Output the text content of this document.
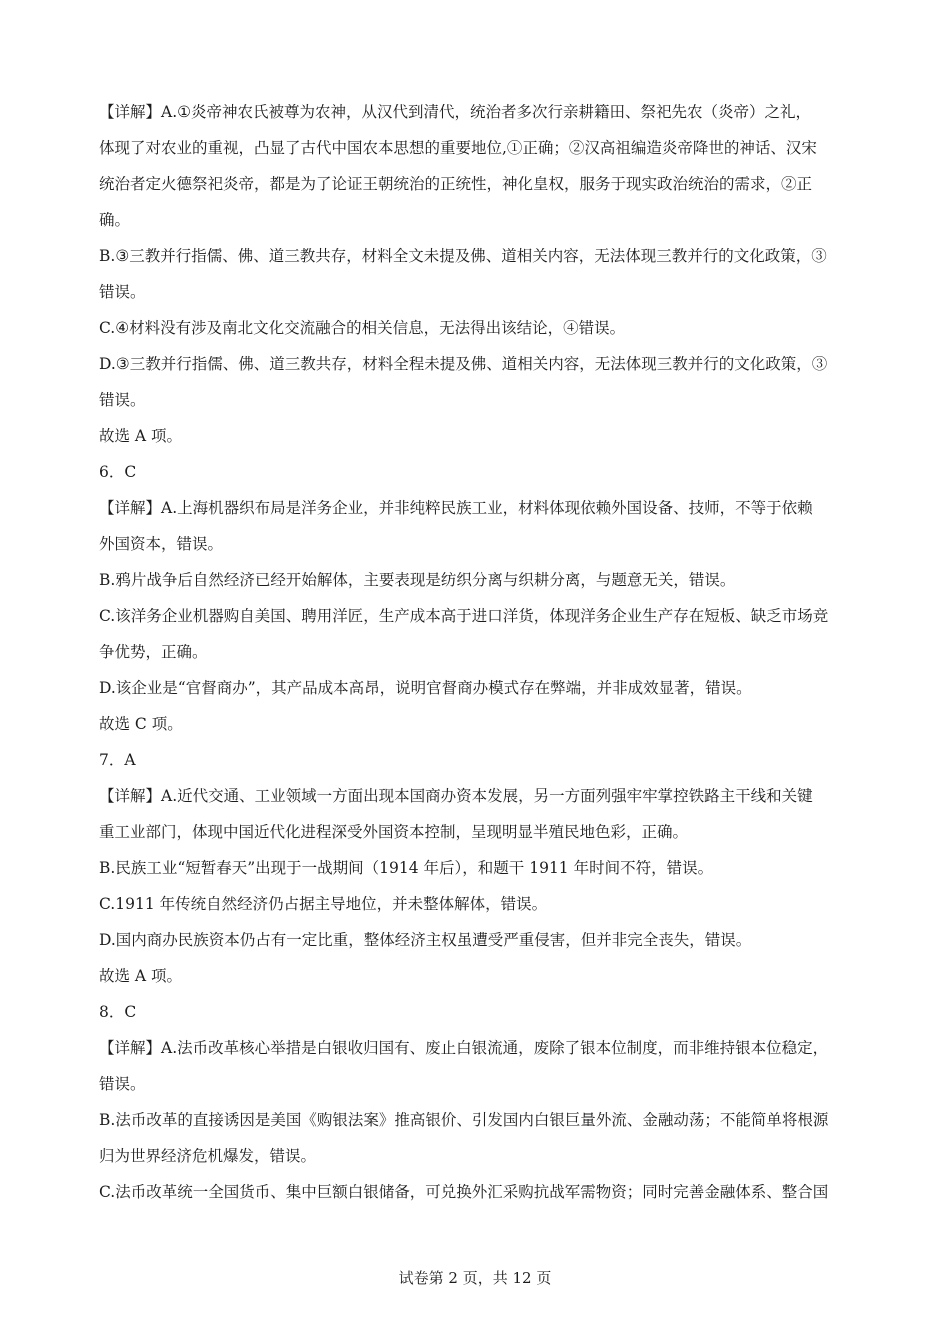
【详解】A.①炎帝神农氏被尊为农神，从汉代到清代，统治者多次行亲耕籍田、祭祀先农（炎帝）之礼，
体现了对农业的重视，凸显了古代中国农本思想的重要地位,①正确；②汉高祖编造炎帝降世的神话、汉宋
统治者定火德祭祀炎帝，都是为了论证王朝统治的正统性，神化皇权，服务于现实政治统治的需求，②正
确。
B.③三教并行指儒、佛、道三教共存，材料全文未提及佛、道相关内容，无法体现三教并行的文化政策，③
错误。
C.④材料没有涉及南北文化交流融合的相关信息，无法得出该结论，④错误。
D.③三教并行指儒、佛、道三教共存，材料全程未提及佛、道相关内容，无法体现三教并行的文化政策，③
错误。
故选 A 项。
6．C
【详解】A.上海机器织布局是洋务企业，并非纯粹民族工业，材料体现依赖外国设备、技师，不等于依赖
外国资本，错误。
B.鸦片战争后自然经济已经开始解体，主要表现是纺织分离与织耕分离，与题意无关，错误。
C.该洋务企业机器购自美国、聘用洋匠，生产成本高于进口洋货，体现洋务企业生产存在短板、缺乏市场竞
争优势，正确。
D.该企业是“官督商办”，其产品成本高昂，说明官督商办模式存在弊端，并非成效显著，错误。
故选 C 项。
7．A
【详解】A.近代交通、工业领域一方面出现本国商办资本发展，另一方面列强牢牢掌控铁路主干线和关键
重工业部门，体现中国近代化进程深受外国资本控制，呈现明显半殖民地色彩，正确。
B.民族工业“短暂春天”出现于一战期间（1914 年后），和题干 1911 年时间不符，错误。
C.1911 年传统自然经济仍占据主导地位，并未整体解体，错误。
D.国内商办民族资本仍占有一定比重，整体经济主权虽遭受严重侵害，但并非完全丧失，错误。
故选 A 项。
8．C
【详解】A.法币改革核心举措是白银收归国有、废止白银流通，废除了银本位制度，而非维持银本位稳定，
错误。
B.法币改革的直接诱因是美国《购银法案》推高银价、引发国内白银巨量外流、金融动荡；不能简单将根源
归为世界经济危机爆发，错误。
C.法币改革统一全国货币、集中巨额白银储备，可兑换外汇采购抗战军需物资；同时完善金融体系、整合国
试卷第 2 页，共 12 页
